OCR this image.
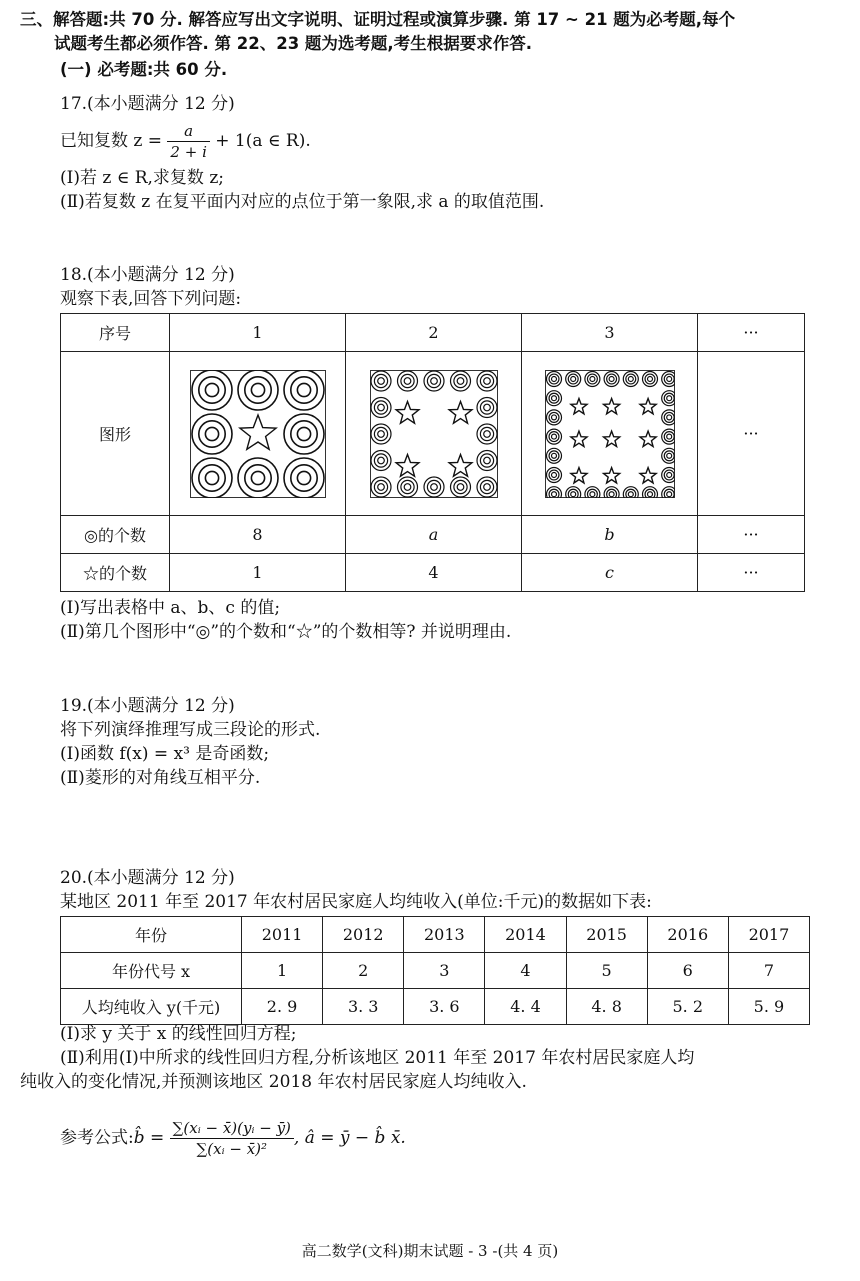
三、解答题:共 70 分. 解答应写出文字说明、证明过程或演算步骤. 第 17 ~ 21 题为必考题,每个
试题考生都必须作答. 第 22、23 题为选考题,考生根据要求作答.
(一) 必考题:共 60 分.
17.(本小题满分 12 分)
已知复数 $z = \frac{a}{2 + i} + 1(a$ ∈ R).
(Ⅰ)若 z ∈ R,求复数 z;
(Ⅱ)若复数 z 在复平面内对应的点位于第一象限,求 a 的取值范围.
18.(本小题满分 12 分)
观察下表,回答下列问题:
序号	1	2	3	···
图形				···
◎的个数	8	a	b	···
☆的个数	1	4	c	···
(Ⅰ)写出表格中 a、b、c 的值;
(Ⅱ)第几个图形中“◎”的个数和“☆”的个数相等? 并说明理由.
19.(本小题满分 12 分)
将下列演绎推理写成三段论的形式.
(Ⅰ)函数 f(x) = x³ 是奇函数;
(Ⅱ)菱形的对角线互相平分.
20.(本小题满分 12 分)
某地区 2011 年至 2017 年农村居民家庭人均纯收入(单位:千元)的数据如下表:
年份	2011	2012	2013	2014	2015	2016	2017
年份代号 x	1	2	3	4	5	6	7
人均纯收入 y(千元)	2. 9	3. 3	3. 6	4. 4	4. 8	5. 2	5. 9
(Ⅰ)求 y 关于 x 的线性回归方程;
(Ⅱ)利用(Ⅰ)中所求的线性回归方程,分析该地区 2011 年至 2017 年农村居民家庭人均
纯收入的变化情况,并预测该地区 2018 年农村居民家庭人均纯收入.
参考公式:b̂ = $\frac{\text{∑(xᵢ − x̄)(yᵢ − ȳ)}}{\text{∑(xᵢ − x̄)²}}$ , â = ȳ − b̂ x̄.
高二数学(文科)期末试题 - 3 -(共 4 页)
